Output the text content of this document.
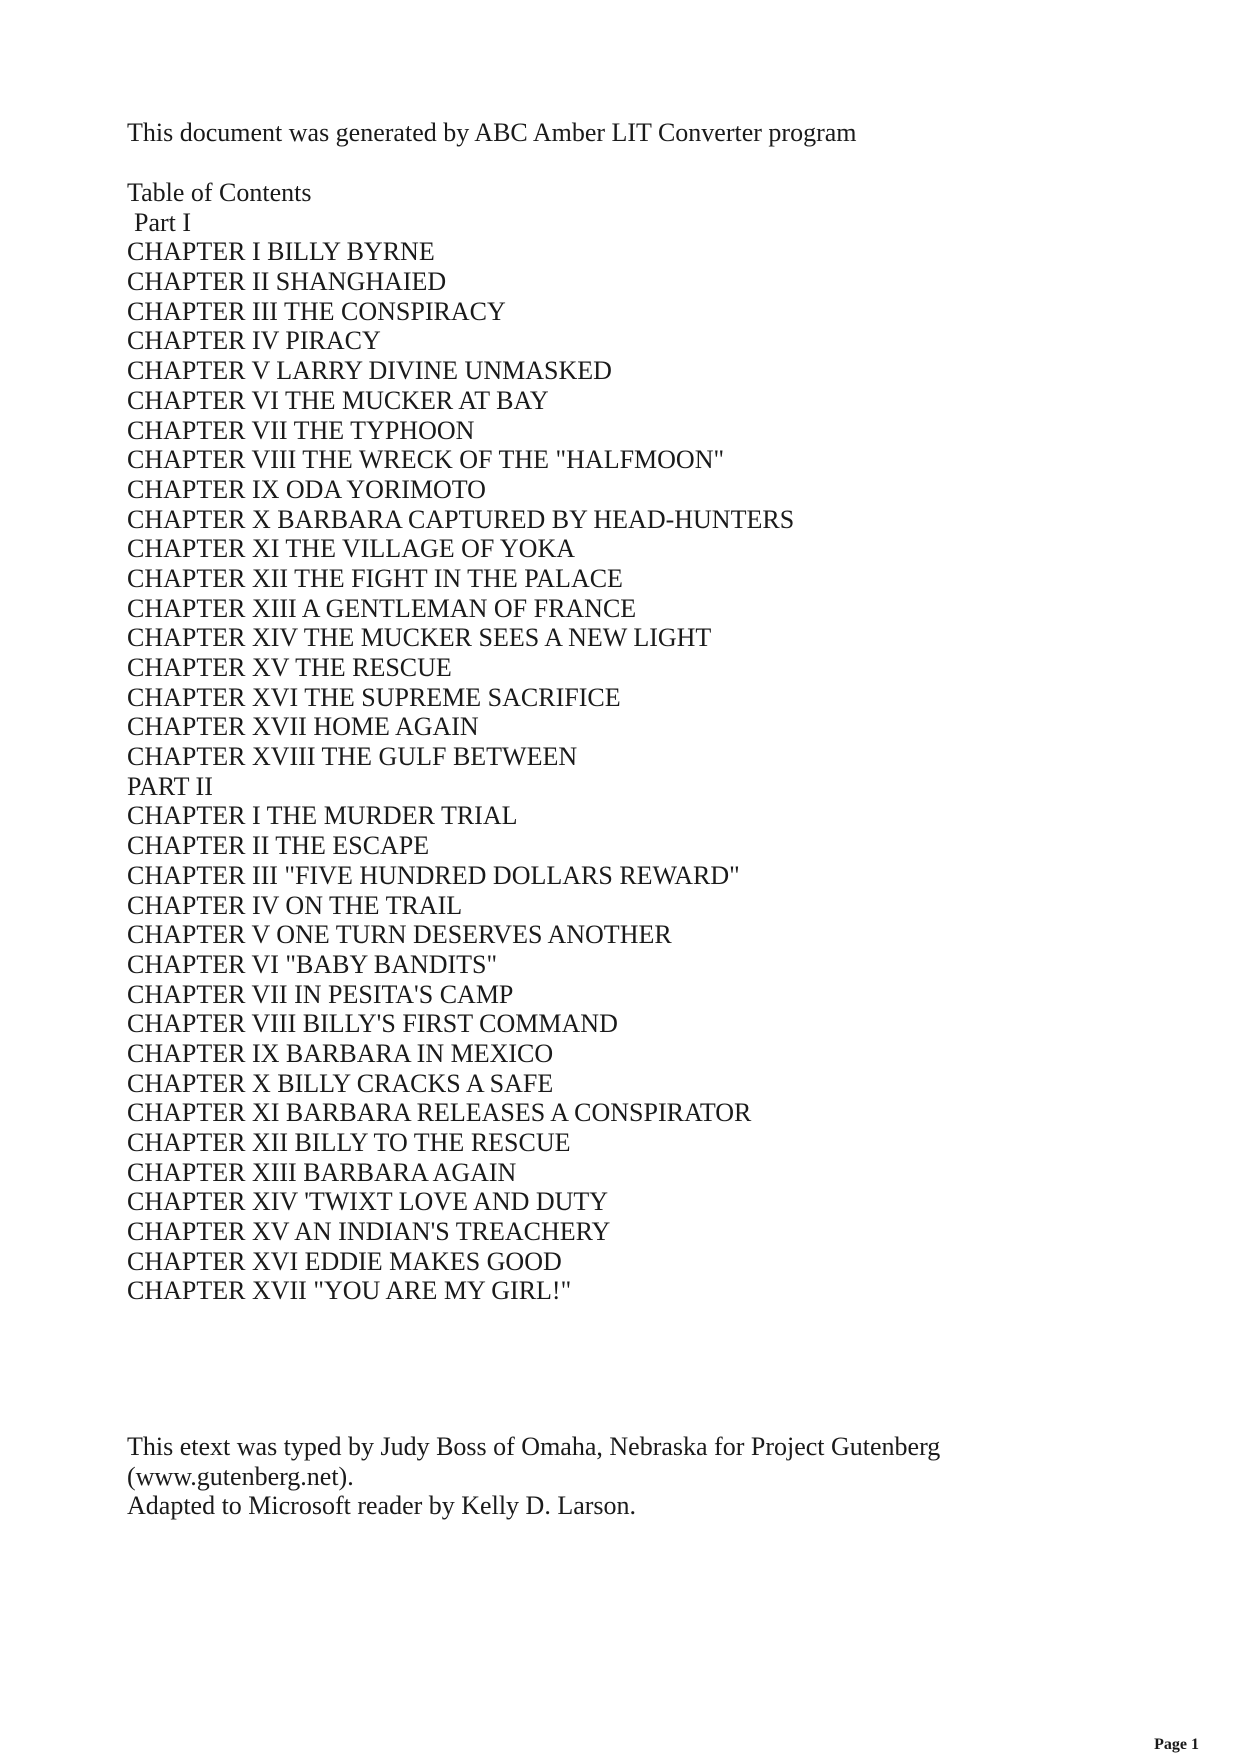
This document was generated by ABC Amber LIT Converter program
Table of Contents
Part I
CHAPTER I BILLY BYRNE
CHAPTER II SHANGHAIED
CHAPTER III THE CONSPIRACY
CHAPTER IV PIRACY
CHAPTER V LARRY DIVINE UNMASKED
CHAPTER VI THE MUCKER AT BAY
CHAPTER VII THE TYPHOON
CHAPTER VIII THE WRECK OF THE "HALFMOON"
CHAPTER IX ODA YORIMOTO
CHAPTER X BARBARA CAPTURED BY HEAD-HUNTERS
CHAPTER XI THE VILLAGE OF YOKA
CHAPTER XII THE FIGHT IN THE PALACE
CHAPTER XIII A GENTLEMAN OF FRANCE
CHAPTER XIV THE MUCKER SEES A NEW LIGHT
CHAPTER XV THE RESCUE
CHAPTER XVI THE SUPREME SACRIFICE
CHAPTER XVII HOME AGAIN
CHAPTER XVIII THE GULF BETWEEN
PART II
CHAPTER I THE MURDER TRIAL
CHAPTER II THE ESCAPE
CHAPTER III "FIVE HUNDRED DOLLARS REWARD"
CHAPTER IV ON THE TRAIL
CHAPTER V ONE TURN DESERVES ANOTHER
CHAPTER VI "BABY BANDITS"
CHAPTER VII IN PESITA'S CAMP
CHAPTER VIII BILLY'S FIRST COMMAND
CHAPTER IX BARBARA IN MEXICO
CHAPTER X BILLY CRACKS A SAFE
CHAPTER XI BARBARA RELEASES A CONSPIRATOR
CHAPTER XII BILLY TO THE RESCUE
CHAPTER XIII BARBARA AGAIN
CHAPTER XIV 'TWIXT LOVE AND DUTY
CHAPTER XV AN INDIAN'S TREACHERY
CHAPTER XVI EDDIE MAKES GOOD
CHAPTER XVII "YOU ARE MY GIRL!"
This etext was typed by Judy Boss of Omaha, Nebraska for Project Gutenberg
(www.gutenberg.net).
Adapted to Microsoft reader by Kelly D. Larson.
Page 1
